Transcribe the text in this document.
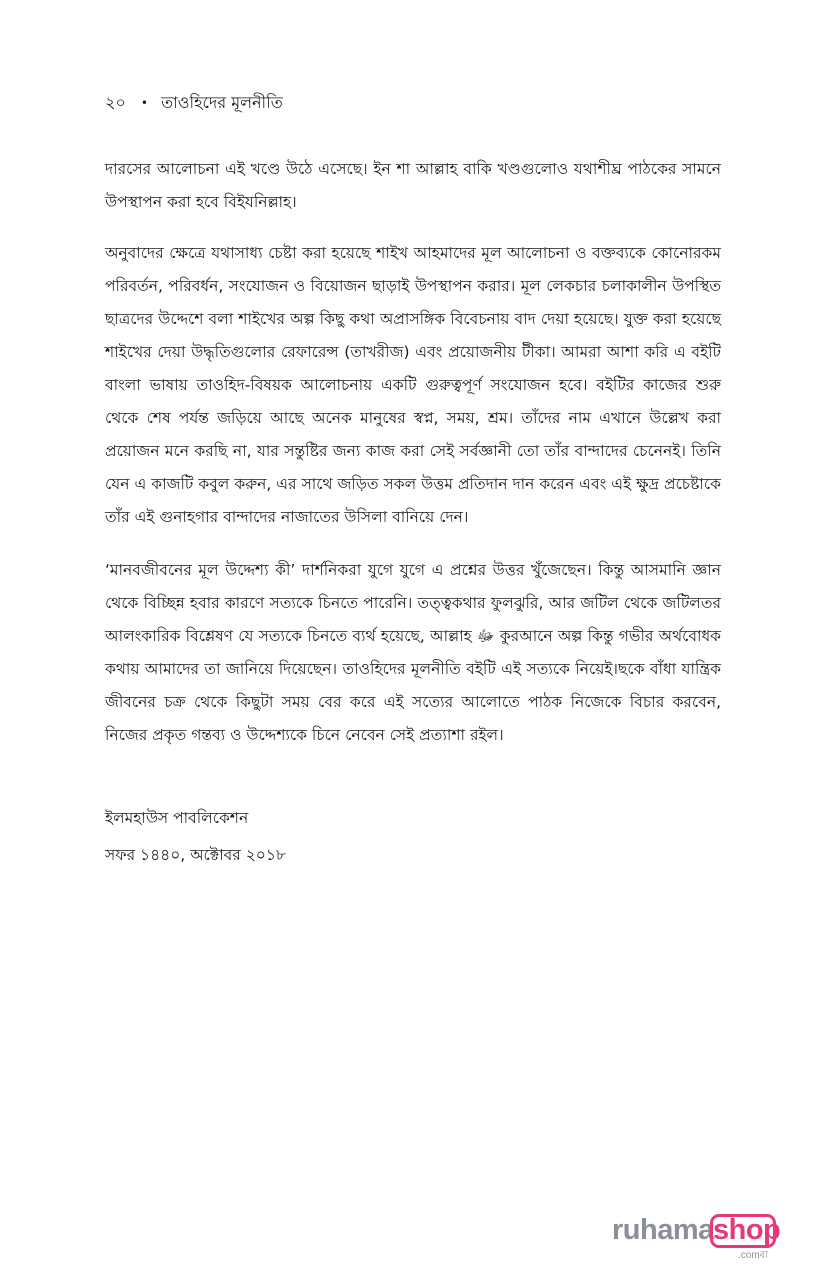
২০ • তাওহিদের মূলনীতি

দারসের আলোচনা এই খণ্ডে উঠে এসেছে। ইন শা আল্লাহ বাকি খণ্ডগুলোও যথাশীঘ্র পাঠকের সামনে উপস্থাপন করা হবে বিইযনিল্লাহ।

অনুবাদের ক্ষেত্রে যথাসাধ্য চেষ্টা করা হয়েছে শাইখ আহমাদের মূল আলোচনা ও বক্তব্যকে কোনোরকম পরিবর্তন, পরিবর্ধন, সংযোজন ও বিয়োজন ছাড়াই উপস্থাপন করার। মূল লেকচার চলাকালীন উপস্থিত ছাত্রদের উদ্দেশে বলা শাইখের অল্প কিছু কথা অপ্রাসঙ্গিক বিবেচনায় বাদ দেয়া হয়েছে। যুক্ত করা হয়েছে শাইখের দেয়া উদ্ধৃতিগুলোর রেফারেন্স (তাখরীজ) এবং প্রয়োজনীয় টীকা। আমরা আশা করি এ বইটি বাংলা ভাষায় তাওহিদ-বিষয়ক আলোচনায় একটি গুরুত্বপূর্ণ সংযোজন হবে। বইটির কাজের শুরু থেকে শেষ পর্যন্ত জড়িয়ে আছে অনেক মানুষের স্বপ্ন, সময়, শ্রম। তাঁদের নাম এখানে উল্লেখ করা প্রয়োজন মনে করছি না, যার সন্তুষ্টির জন্য কাজ করা সেই সর্বজ্ঞানী তো তাঁর বান্দাদের চেনেনই। তিনি যেন এ কাজটি কবুল করুন, এর সাথে জড়িত সকল উত্তম প্রতিদান দান করেন এবং এই ক্ষুদ্র প্রচেষ্টাকে তাঁর এই গুনাহগার বান্দাদের নাজাতের উসিলা বানিয়ে দেন।

‘মানবজীবনের মূল উদ্দেশ্য কী’ দার্শনিকরা যুগে যুগে এ প্রশ্নের উত্তর খুঁজেছেন। কিন্তু আসমানি জ্ঞান থেকে বিচ্ছিন্ন হবার কারণে সত্যকে চিনতে পারেনি। তত্ত্বকথার ফুলঝুরি, আর জটিল থেকে জটিলতর আলংকারিক বিশ্লেষণ যে সত্যকে চিনতে ব্যর্থ হয়েছে, আল্লাহ ﷻ কুরআনে অল্প কিন্তু গভীর অর্থবোধক কথায় আমাদের তা জানিয়ে দিয়েছেন। তাওহিদের মূলনীতি বইটি এই সত্যকে নিয়েই।ছকে বাঁধা যান্ত্রিক জীবনের চক্র থেকে কিছুটা সময় বের করে এই সত্যের আলোতে পাঠক নিজেকে বিচার করবেন, নিজের প্রকৃত গন্তব্য ও উদ্দেশ্যকে চিনে নেবেন সেই প্রত্যাশা রইল।

ইলমহাউস পাবলিকেশন
সফর ১৪৪০, অক্টোবর ২০১৮
ruhama shop
.comবা
